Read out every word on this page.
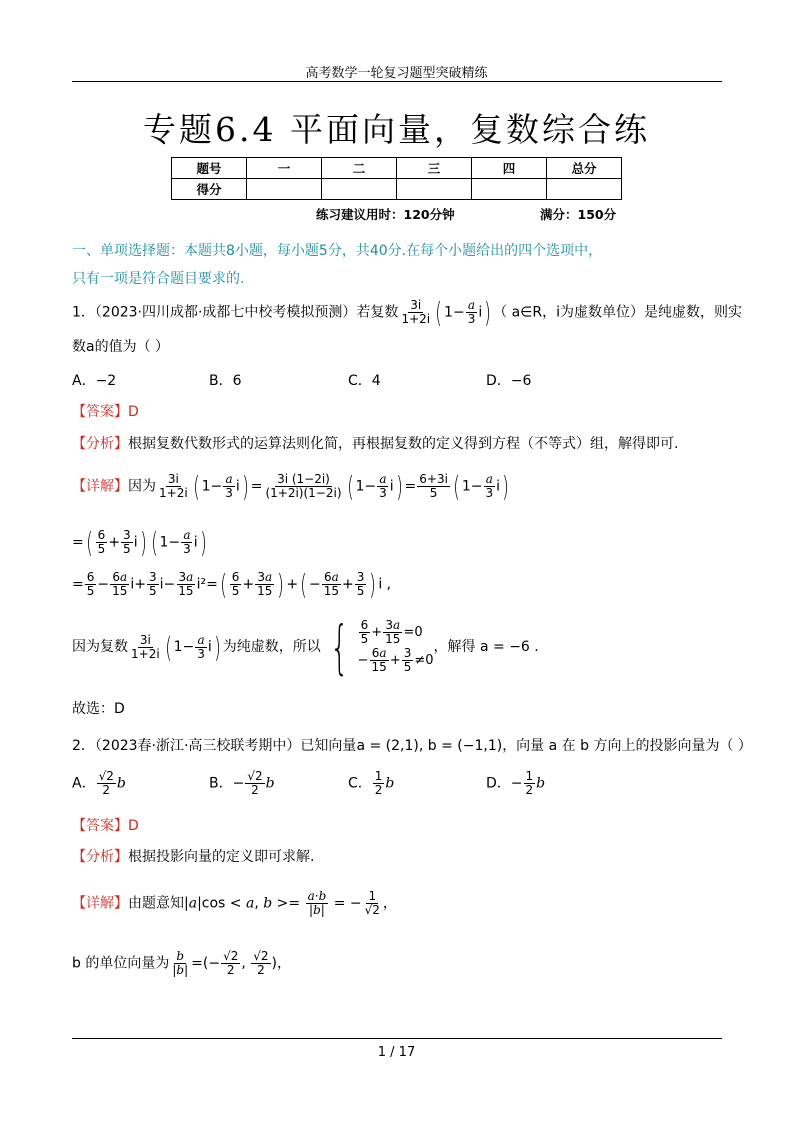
高考数学一轮复习题型突破精练
专题6.4 平面向量，复数综合练
题号	一	二	三	四	总分
得分					
练习建议用时：120分钟	满分：150分
一、单项选择题：本题共8小题，每小题5分，共40分.在每个小题给出的四个选项中，
只有一项是符合题目要求的.
1．（2023·四川成都·成都七中校考模拟预测）若复数 $\frac{3i}{1+2i}$ ( $1- \frac{a}{3} i$) （ a∈R，i为虚数单位）是纯虚数，则实
数a的值为（ ）
A．−2	B．6	C．4	D．−6
【答案】D
【分析】根据复数代数形式的运算法则化简，再根据复数的定义得到方程（不等式）组，解得即可.
【详解】因为 $\frac{3i}{1+2i}$ ( $1- \frac{a}{3} i) = \frac{3i (1-2i)}{(1+2i)(1-2i)}$ ( $1- \frac{a}{3} i) = \frac{6+3i}{5}$ ( $1- \frac{a}{3} i$)
=( $\frac{6}{5} + \frac{3}{5} i$) ( $1- \frac{a}{3} i$)
= $\frac{6}{5} - \frac{6a}{15} i+ \frac{3}{5} i- \frac{3a}{15} i^2=( \frac{6}{5} + \frac{3a}{15}$ ) +( − $\frac{6a}{15} + \frac{3}{5}$ ) i ,
因为复数 $\frac{3i}{1+2i}$ ( $1- \frac{a}{3} i$) 为纯虚数，所以 { $\frac{6}{5} + \frac{3a}{15} =0$
− $\frac{6a}{15} + \frac{3}{5} \ne 0$
，解得 a = −6 .
故选：D
2．（2023春·浙江·高三校联考期中）已知向量a = (2,1), b = (−1,1)，向量 a 在 b 方向上的投影向量为（ ）
A． $\frac{√2}{2}$ b	B．− $\frac{√2}{2}$ b	C． $\frac{1}{2}$ b	D．− $\frac{1}{2}$ b
【答案】D
【分析】根据投影向量的定义即可求解.
【详解】由题意知|a|cos < a, $b >= \frac{a\cdot b}{|b|}$ = − $\frac{1}{√2}$ ，
b 的单位向量为 $\frac{b}{|b|}$ =(− $\frac{√2}{2}$ , $\frac{√2}{2}$ )，
1 / 17
